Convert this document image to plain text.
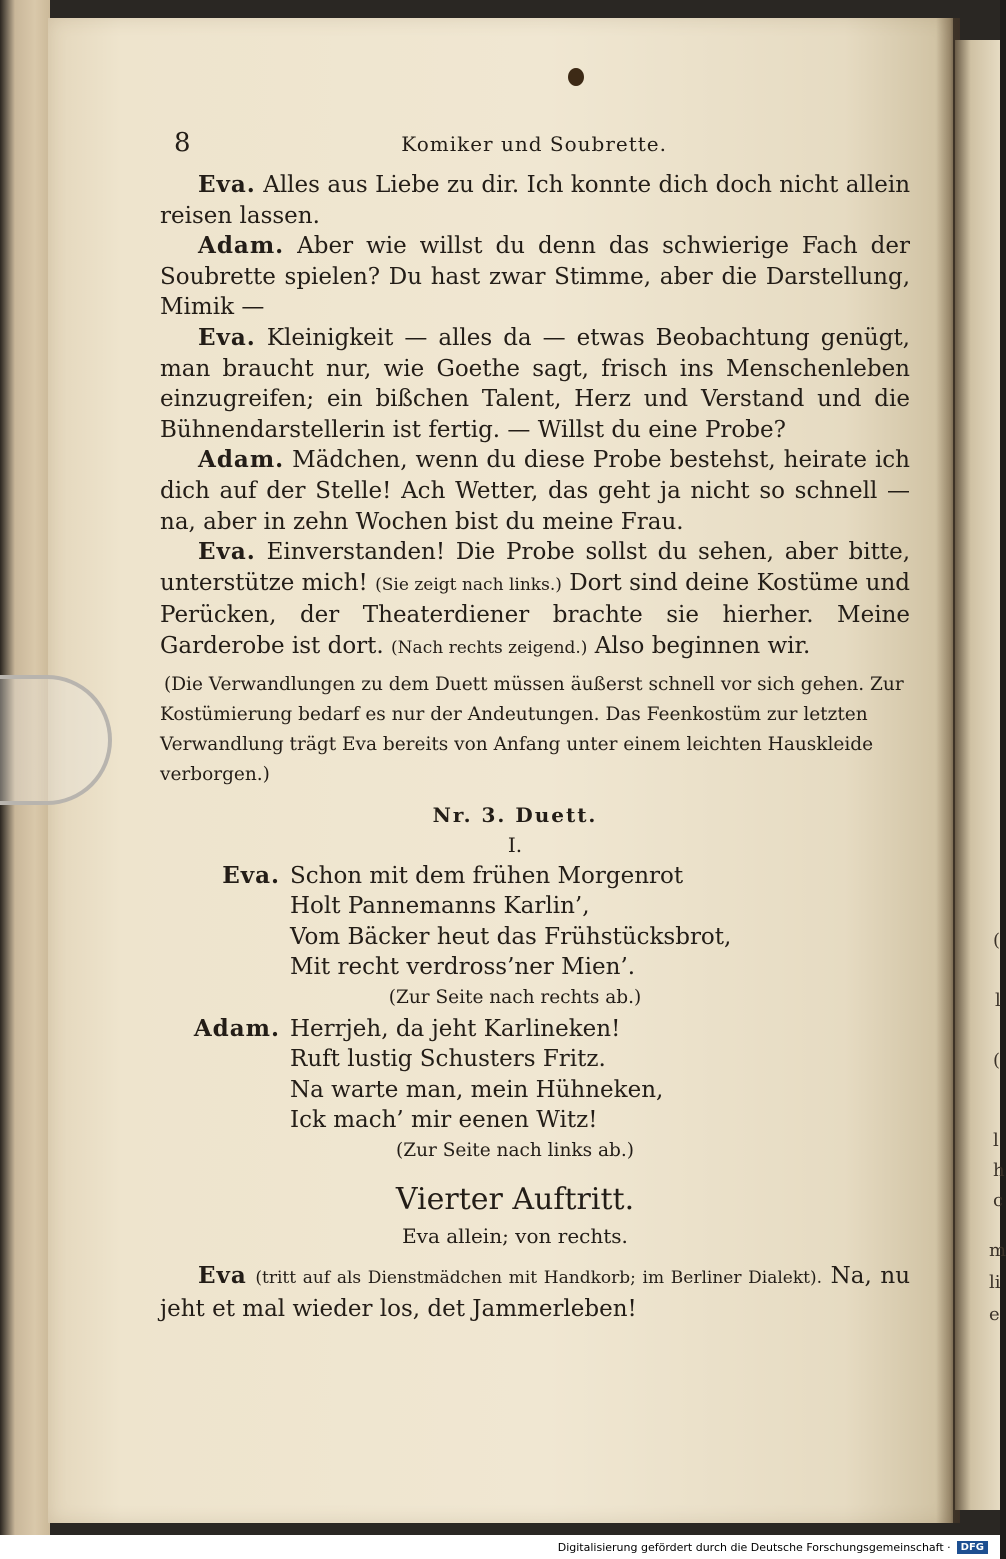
(
l
(
l
h
c
m
li
e
8	Komiker und Soubrette.

Eva. Alles aus Liebe zu dir. Ich konnte dich doch nicht allein reisen lassen.

Adam. Aber wie willst du denn das schwierige Fach der Soubrette spielen? Du hast zwar Stimme, aber die Darstellung, Mimik —

Eva. Kleinigkeit — alles da — etwas Beobachtung genügt, man braucht nur, wie Goethe sagt, frisch ins Menschenleben einzugreifen; ein bißchen Talent, Herz und Verstand und die Bühnendarstellerin ist fertig. — Willst du eine Probe?

Adam. Mädchen, wenn du diese Probe bestehst, heirate ich dich auf der Stelle! Ach Wetter, das geht ja nicht so schnell — na, aber in zehn Wochen bist du meine Frau.

Eva. Einverstanden! Die Probe sollst du sehen, aber bitte, unterstütze mich! (Sie zeigt nach links.) Dort sind deine Kostüme und Perücken, der Theaterdiener brachte sie hierher. Meine Garderobe ist dort. (Nach rechts zeigend.) Also beginnen wir.

(Die Verwandlungen zu dem Duett müssen äußerst schnell vor sich gehen. Zur Kostümierung bedarf es nur der Andeutungen. Das Feenkostüm zur letzten Verwandlung trägt Eva bereits von Anfang unter einem leichten Hauskleide verborgen.)

Nr. 3. Duett.
I.
Eva. Schon mit dem frühen Morgenrot
Holt Pannemanns Karlin’,
Vom Bäcker heut das Frühstücksbrot,
Mit recht verdross’ner Mien’.
(Zur Seite nach rechts ab.)
Adam. Herrjeh, da jeht Karlineken!
Ruft lustig Schusters Fritz.
Na warte man, mein Hühneken,
Ick mach’ mir eenen Witz!
(Zur Seite nach links ab.)
Vierter Auftritt.
Eva allein; von rechts.

Eva (tritt auf als Dienstmädchen mit Handkorb; im Berliner Dialekt). Na, nu jeht et mal wieder los, det Jammerleben!

Digitalisierung gefördert durch die Deutsche Forschungsgemeinschaft ·	DFG
